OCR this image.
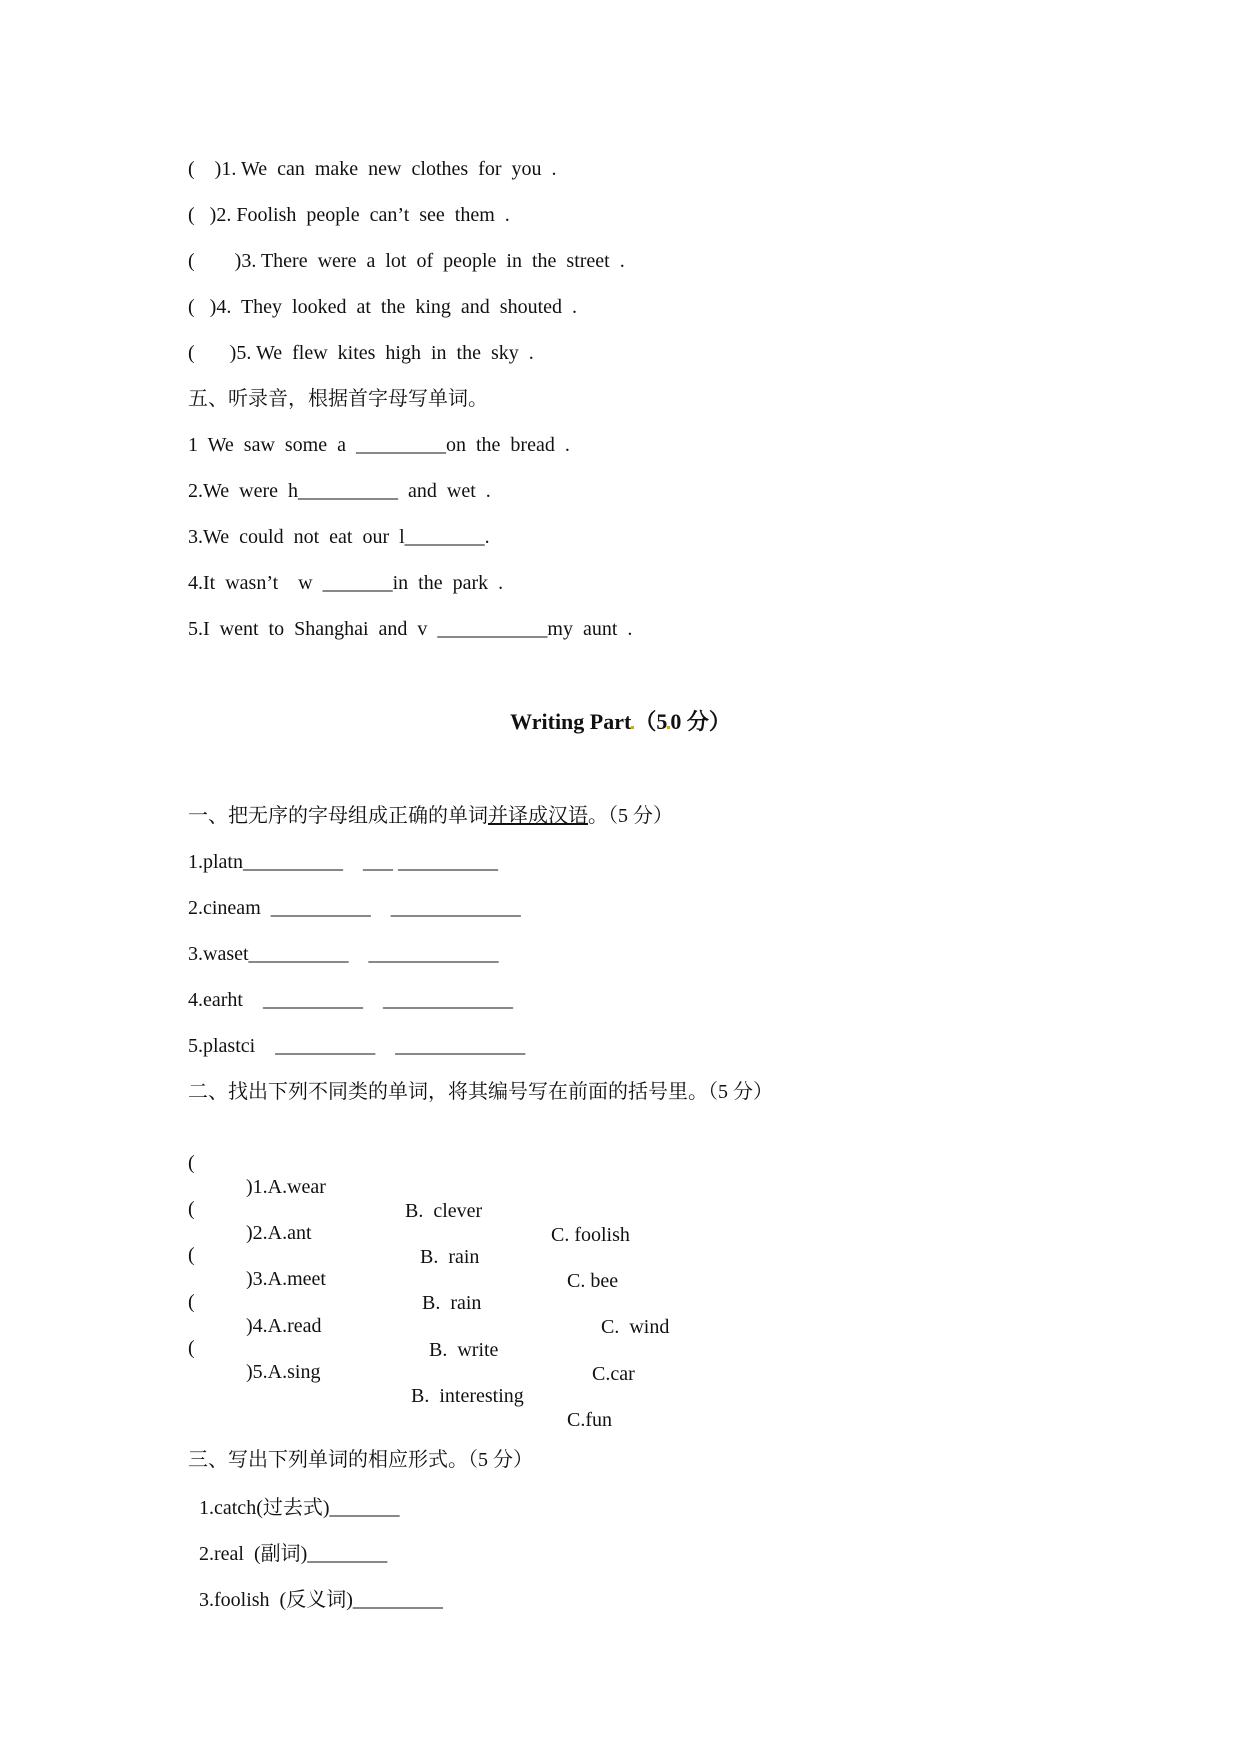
(    )1. We  can  make  new  clothes  for  you  .
(   )2. Foolish  people  can’t  see  them  .
(        )3. There  were  a  lot  of  people  in  the  street  .
(   )4.  They  looked  at  the  king  and  shouted  .
(       )5. We  flew  kites  high  in  the  sky  .
五、听录音，根据首字母写单词。
1  We  saw  some  a  _________on  the  bread  .
2.We  were  h__________  and  wet  .
3.We  could  not  eat  our  l________.
4.It  wasn’t    w  _______in  the  park  .
5.I  went  to  Shanghai  and  v  ___________my  aunt  .
Writing Part （5 0 分）
一、把无序的字母组成正确的单词并译成汉语。（5 分）
1.platn__________    ___ __________
2.cineam  __________    _____________
3.waset__________    _____________
4.earht    __________    _____________
5.plastci    __________    _____________
二、找出下列不同类的单词，将其编号写在前面的括号里。（5 分）

(

)1.A.wear

B.  clever

C. foolish

(

)2.A.ant

B.  rain

C. bee

(

)3.A.meet

B.  rain

C.  wind

(

)4.A.read

B.  write

C.car

(

)5.A.sing

B.  interesting

C.fun

三、写出下列单词的相应形式。（5 分）
1.catch(过去式)_______
2.real  (副词)________
3.foolish  (反义词)_________
